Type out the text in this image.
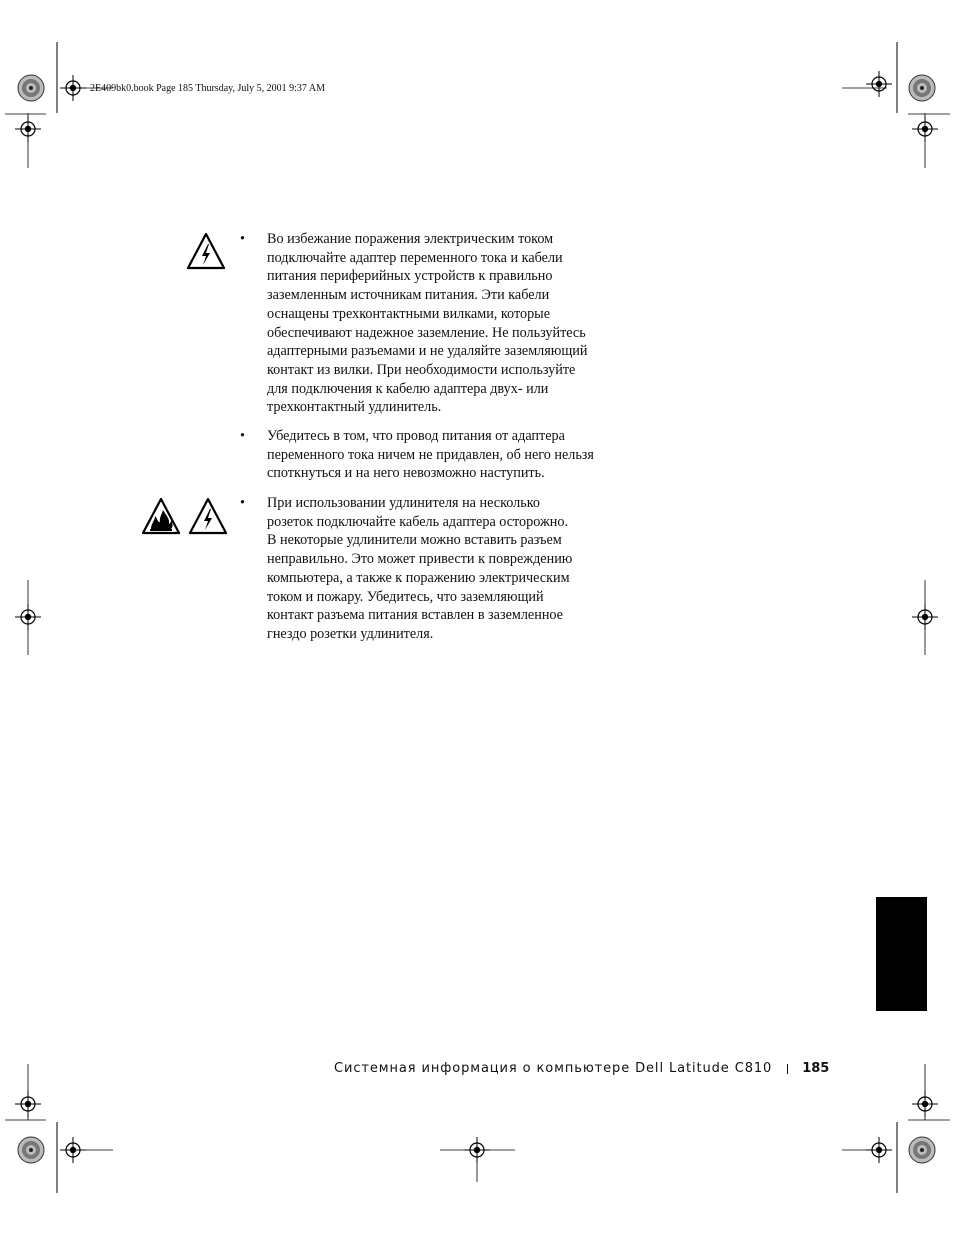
2E409bk0.book Page 185 Thursday, July 5, 2001 9:37 AM
• Во избежание поражения электрическим током
подключайте адаптер переменного тока и кабели
питания периферийных устройств к правильно
заземленным источникам питания. Эти кабели
оснащены трехконтактными вилками, которые
обеспечивают надежное заземление. Не пользуйтесь
адаптерными разъемами и не удаляйте заземляющий
контакт из вилки. При необходимости используйте
для подключения к кабелю адаптера двух- или
трехконтактный удлинитель.

• Убедитесь в том, что провод питания от адаптера
переменного тока ничем не придавлен, об него нельзя
споткнуться и на него невозможно наступить.

• При использовании удлинителя на несколько
розеток подключайте кабель адаптера осторожно.
В некоторые удлинители можно вставить разъем
неправильно. Это может привести к повреждению
компьютера, а также к поражению электрическим
током и пожару. Убедитесь, что заземляющий
контакт разъема питания вставлен в заземленное
гнездо розетки удлинителя.

Системная информация о компьютере Dell Latitude C810 185
